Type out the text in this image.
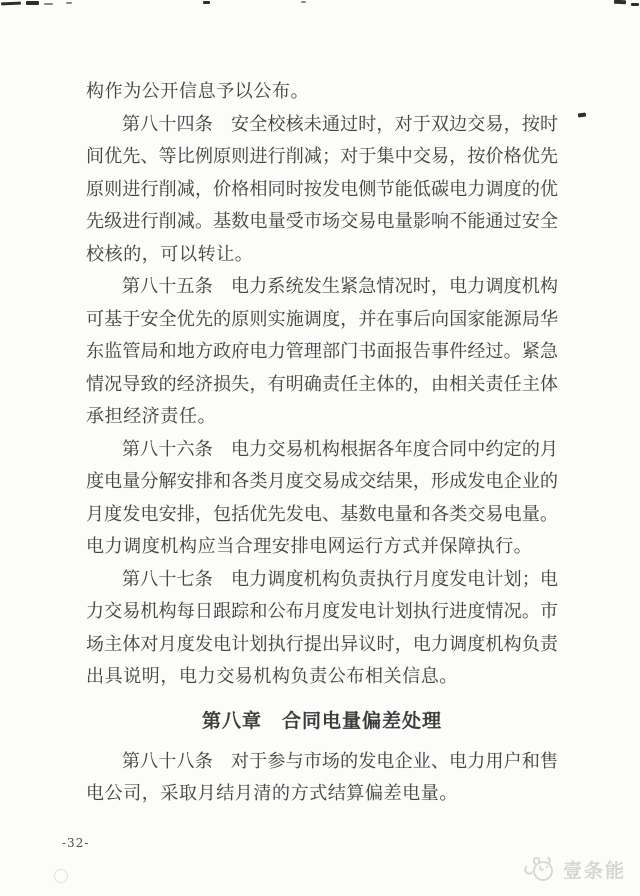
构作为公开信息予以公布。
第八十四条　安全校核未通过时，对于双边交易，按时
间优先、等比例原则进行削减；对于集中交易，按价格优先
原则进行削减，价格相同时按发电侧节能低碳电力调度的优
先级进行削减。基数电量受市场交易电量影响不能通过安全
校核的，可以转让。
第八十五条　电力系统发生紧急情况时，电力调度机构
可基于安全优先的原则实施调度，并在事后向国家能源局华
东监管局和地方政府电力管理部门书面报告事件经过。紧急
情况导致的经济损失，有明确责任主体的，由相关责任主体
承担经济责任。
第八十六条　电力交易机构根据各年度合同中约定的月
度电量分解安排和各类月度交易成交结果，形成发电企业的
月度发电安排，包括优先发电、基数电量和各类交易电量。
电力调度机构应当合理安排电网运行方式并保障执行。
第八十七条　电力调度机构负责执行月度发电计划；电
力交易机构每日跟踪和公布月度发电计划执行进度情况。市
场主体对月度发电计划执行提出异议时，电力调度机构负责
出具说明，电力交易机构负责公布相关信息。
第八章　合同电量偏差处理
第八十八条　对于参与市场的发电企业、电力用户和售
电公司，采取月结月清的方式结算偏差电量。
-32-
壹条能
